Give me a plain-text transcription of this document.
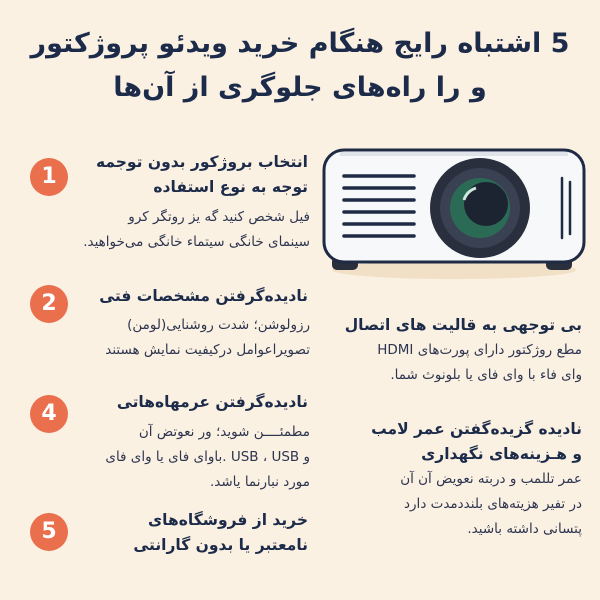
5 اشتباه رایج هنگام خرید ویدئو پروژکتور
و را راه‌های جلوگری از آن‌ها
1
انتخاب بروژکور بدون توجمه
توجه به نوع استفاده
فیل شخص کنید گه یز روتگر کرو
سینمای خانگی سیتماء خانگی می‌خواهید.
2	نادیده‌گرفتن مشخصات فتی
رزولوشن؛ شدت روشنایی(لومن)
تصویراعوامل درکیفیت نمایش هستند
4	نادیده‌گرفتن عرمهاه‌هاتی
مطمئــــن شوید؛ ور نعوتض آن
و USB ، USB .باوای فای یا وای فای
مورد نبارنما یاشد.
5	خرید از فروشگاه‌های
نامعتبر یا بدون گارانتی
بی توجهی به قالیت‌ های اتصال
مطع روژکتور دارای پورت‌های HDMI
وای فاء با وای فای یا بلونوث شما.
نادیده گزیده‌گفتن عمر لامب
و هـزینه‌های نگهداری
عمر تللمب و دربته نعویض آن آن
در تفیر هزیته‌های بلنددمدت دارد
پتسانی داشته باشید.
